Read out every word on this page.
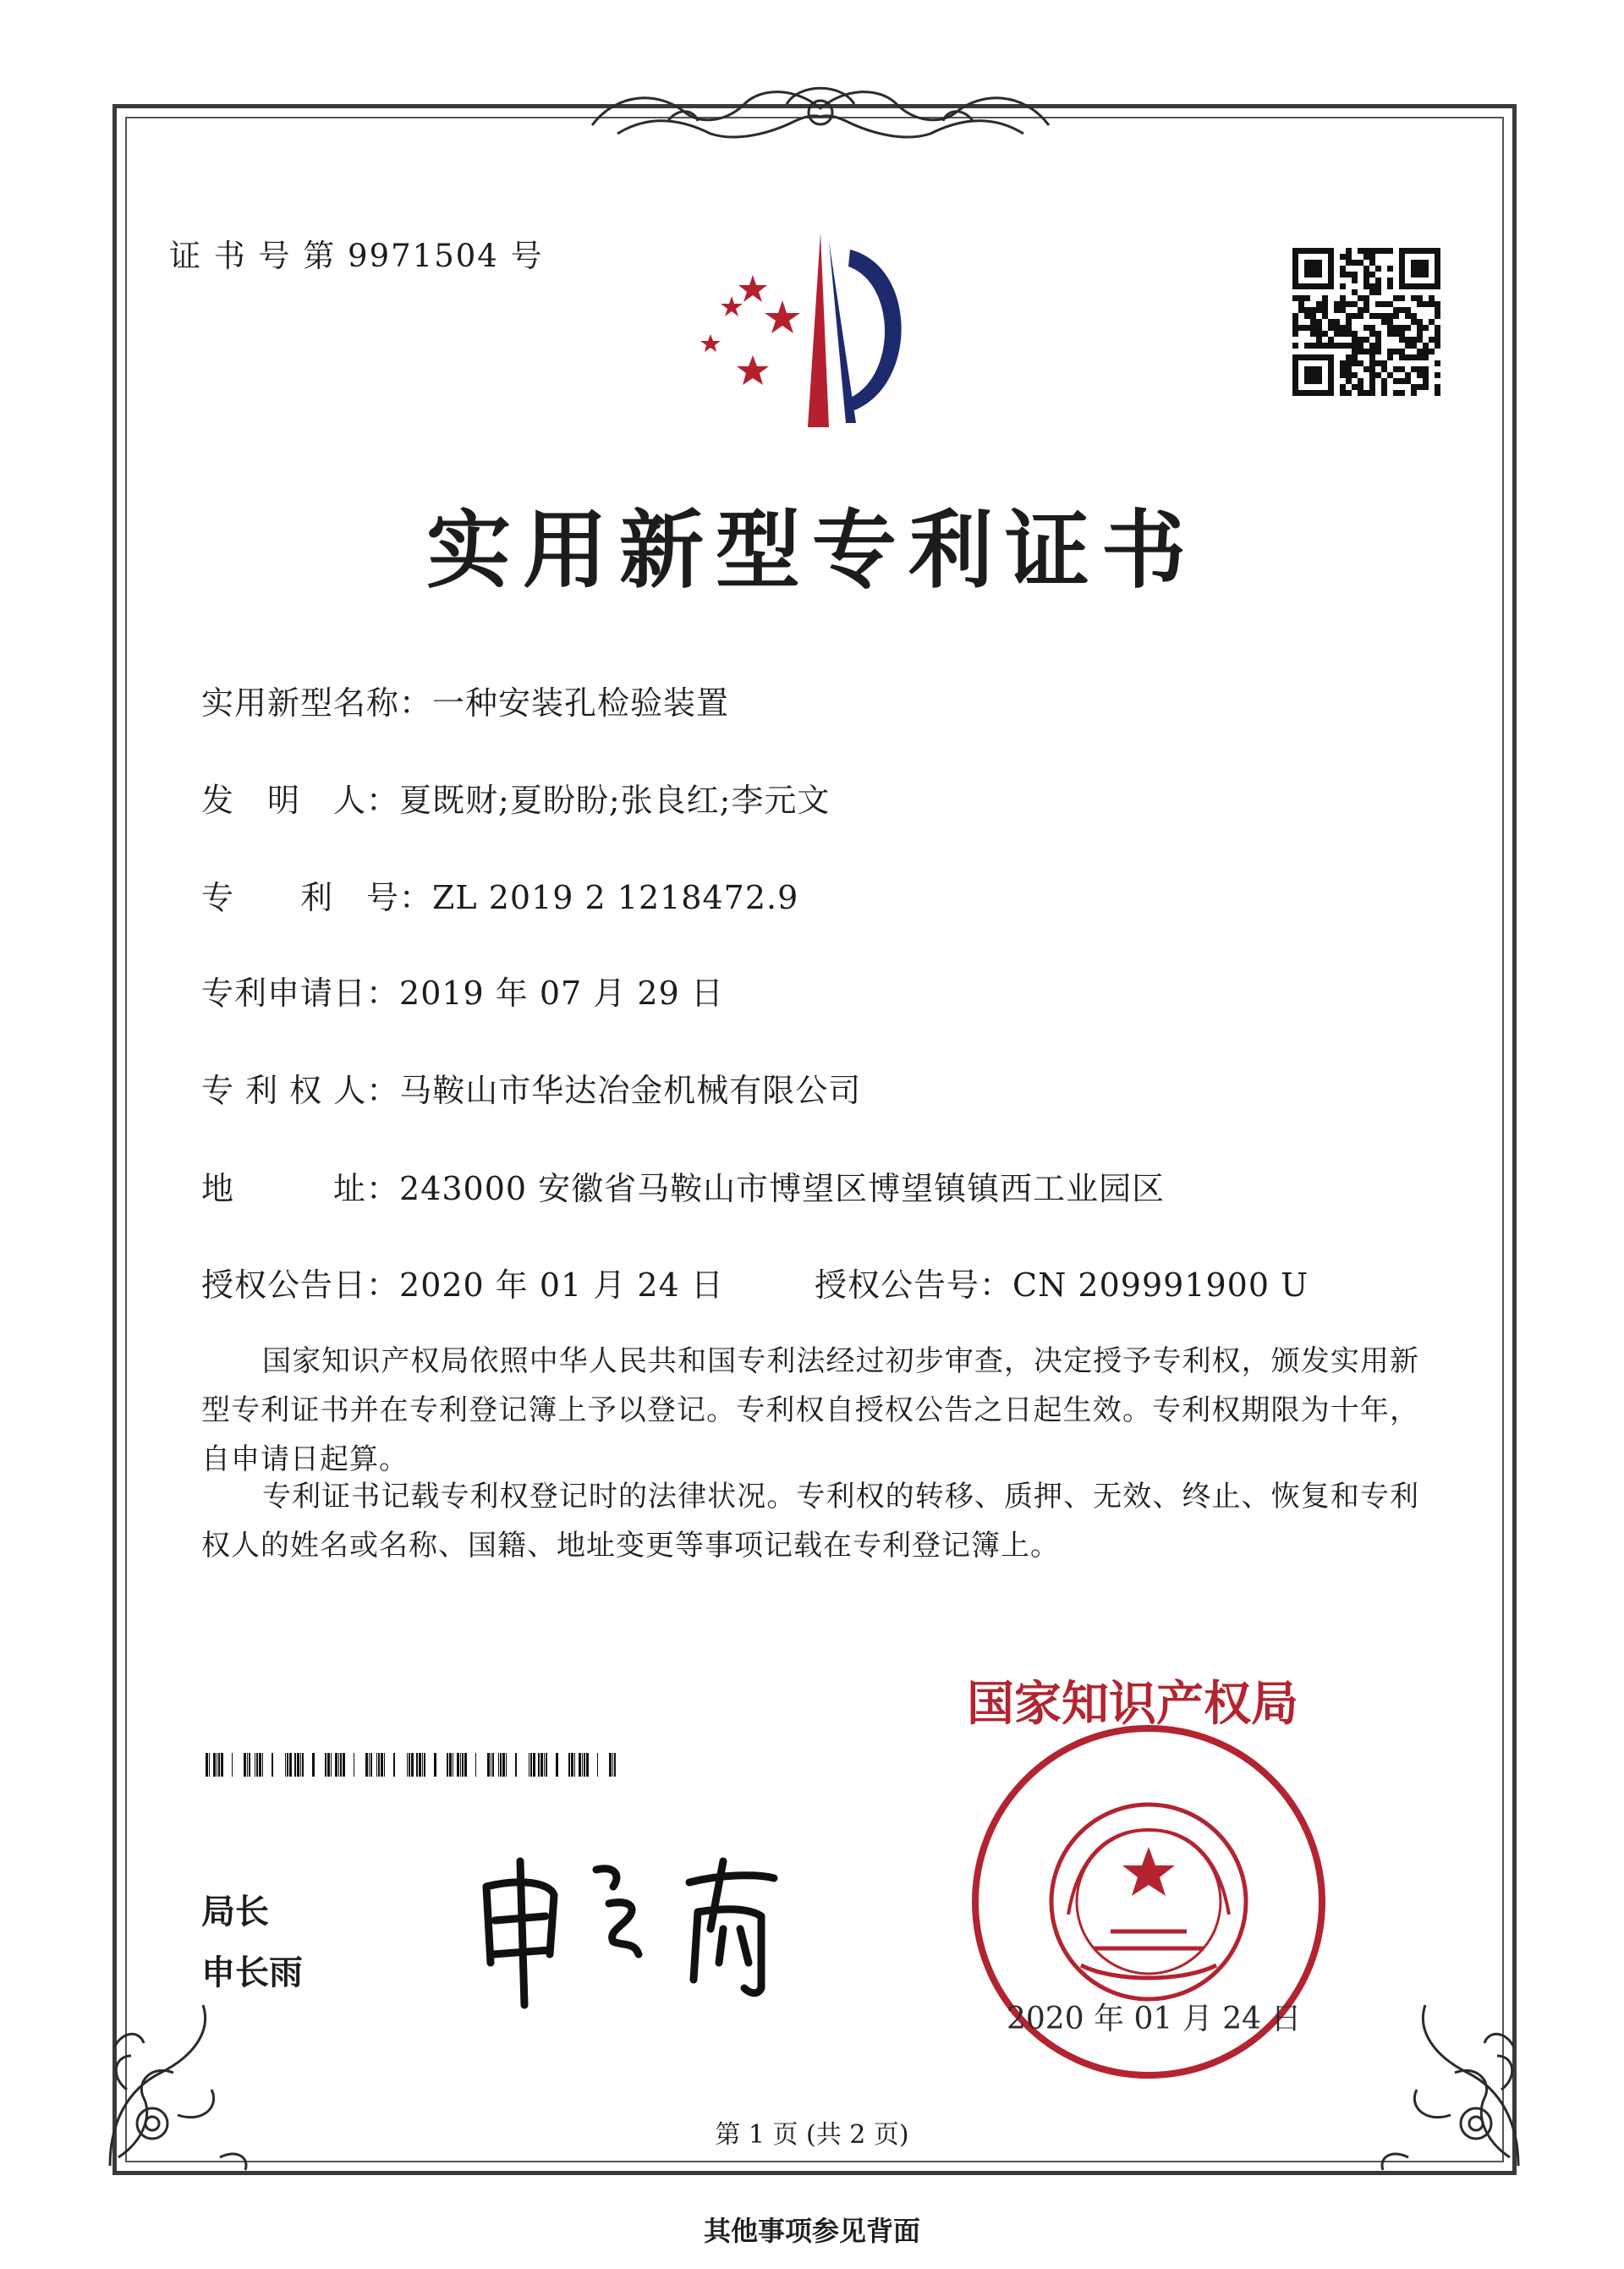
证 书 号 第 9971504 号
实用新型专利证书
实用新型名称：一种安装孔检验装置
发　明　人：夏既财;夏盼盼;张良红;李元文
专　　利　号：ZL 2019 2 1218472.9
专利申请日：2019 年 07 月 29 日
专 利 权 人：马鞍山市华达冶金机械有限公司
地　　　址：243000 安徽省马鞍山市博望区博望镇镇西工业园区
授权公告日：2020 年 01 月 24 日	授权公告号：CN 209991900 U
国家知识产权局依照中华人民共和国专利法经过初步审查，决定授予专利权，颁发实用新型专利证书并在专利登记簿上予以登记。专利权自授权公告之日起生效。专利权期限为十年，自申请日起算。
专利证书记载专利权登记时的法律状况。专利权的转移、质押、无效、终止、恢复和专利权人的姓名或名称、国籍、地址变更等事项记载在专利登记簿上。
局长
申长雨
国家知识产权局
2020 年 01 月 24 日
第 1 页 (共 2 页)
其他事项参见背面
